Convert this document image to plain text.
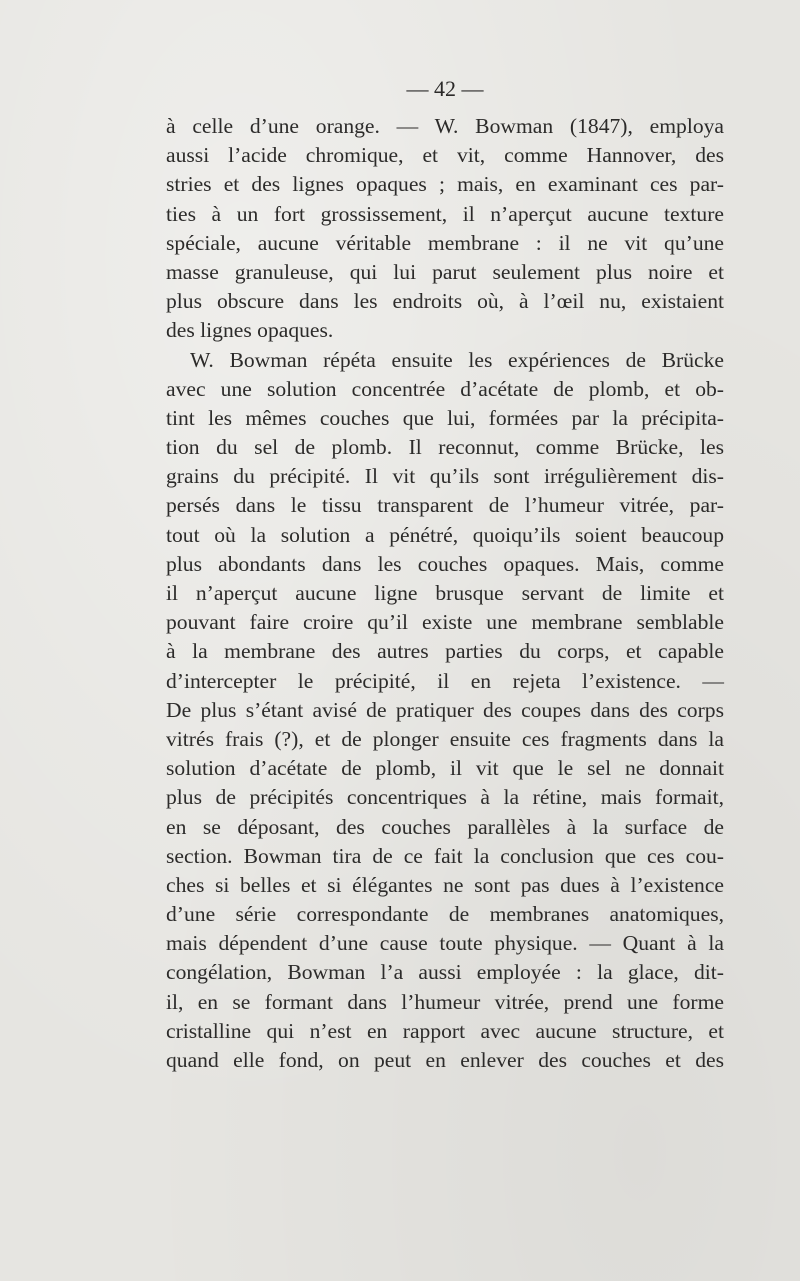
— 42 —
à celle d’une orange. — W. Bowman (1847), employa
aussi l’acide chromique, et vit, comme Hannover, des
stries et des lignes opaques ; mais, en examinant ces par-
ties à un fort grossissement, il n’aperçut aucune texture
spéciale, aucune véritable membrane : il ne vit qu’une
masse granuleuse, qui lui parut seulement plus noire et
plus obscure dans les endroits où, à l’œil nu, existaient
des lignes opaques.
W. Bowman répéta ensuite les expériences de Brücke
avec une solution concentrée d’acétate de plomb, et ob-
tint les mêmes couches que lui, formées par la précipita-
tion du sel de plomb. Il reconnut, comme Brücke, les
grains du précipité. Il vit qu’ils sont irrégulièrement dis-
persés dans le tissu transparent de l’humeur vitrée, par-
tout où la solution a pénétré, quoiqu’ils soient beaucoup
plus abondants dans les couches opaques. Mais, comme
il n’aperçut aucune ligne brusque servant de limite et
pouvant faire croire qu’il existe une membrane semblable
à la membrane des autres parties du corps, et capable
d’intercepter le précipité, il en rejeta l’existence. —
De plus s’étant avisé de pratiquer des coupes dans des corps
vitrés frais (?), et de plonger ensuite ces fragments dans la
solution d’acétate de plomb, il vit que le sel ne donnait
plus de précipités concentriques à la rétine, mais formait,
en se déposant, des couches parallèles à la surface de
section. Bowman tira de ce fait la conclusion que ces cou-
ches si belles et si élégantes ne sont pas dues à l’existence
d’une série correspondante de membranes anatomiques,
mais dépendent d’une cause toute physique. — Quant à la
congélation, Bowman l’a aussi employée : la glace, dit-
il, en se formant dans l’humeur vitrée, prend une forme
cristalline qui n’est en rapport avec aucune structure, et
quand elle fond, on peut en enlever des couches et des
